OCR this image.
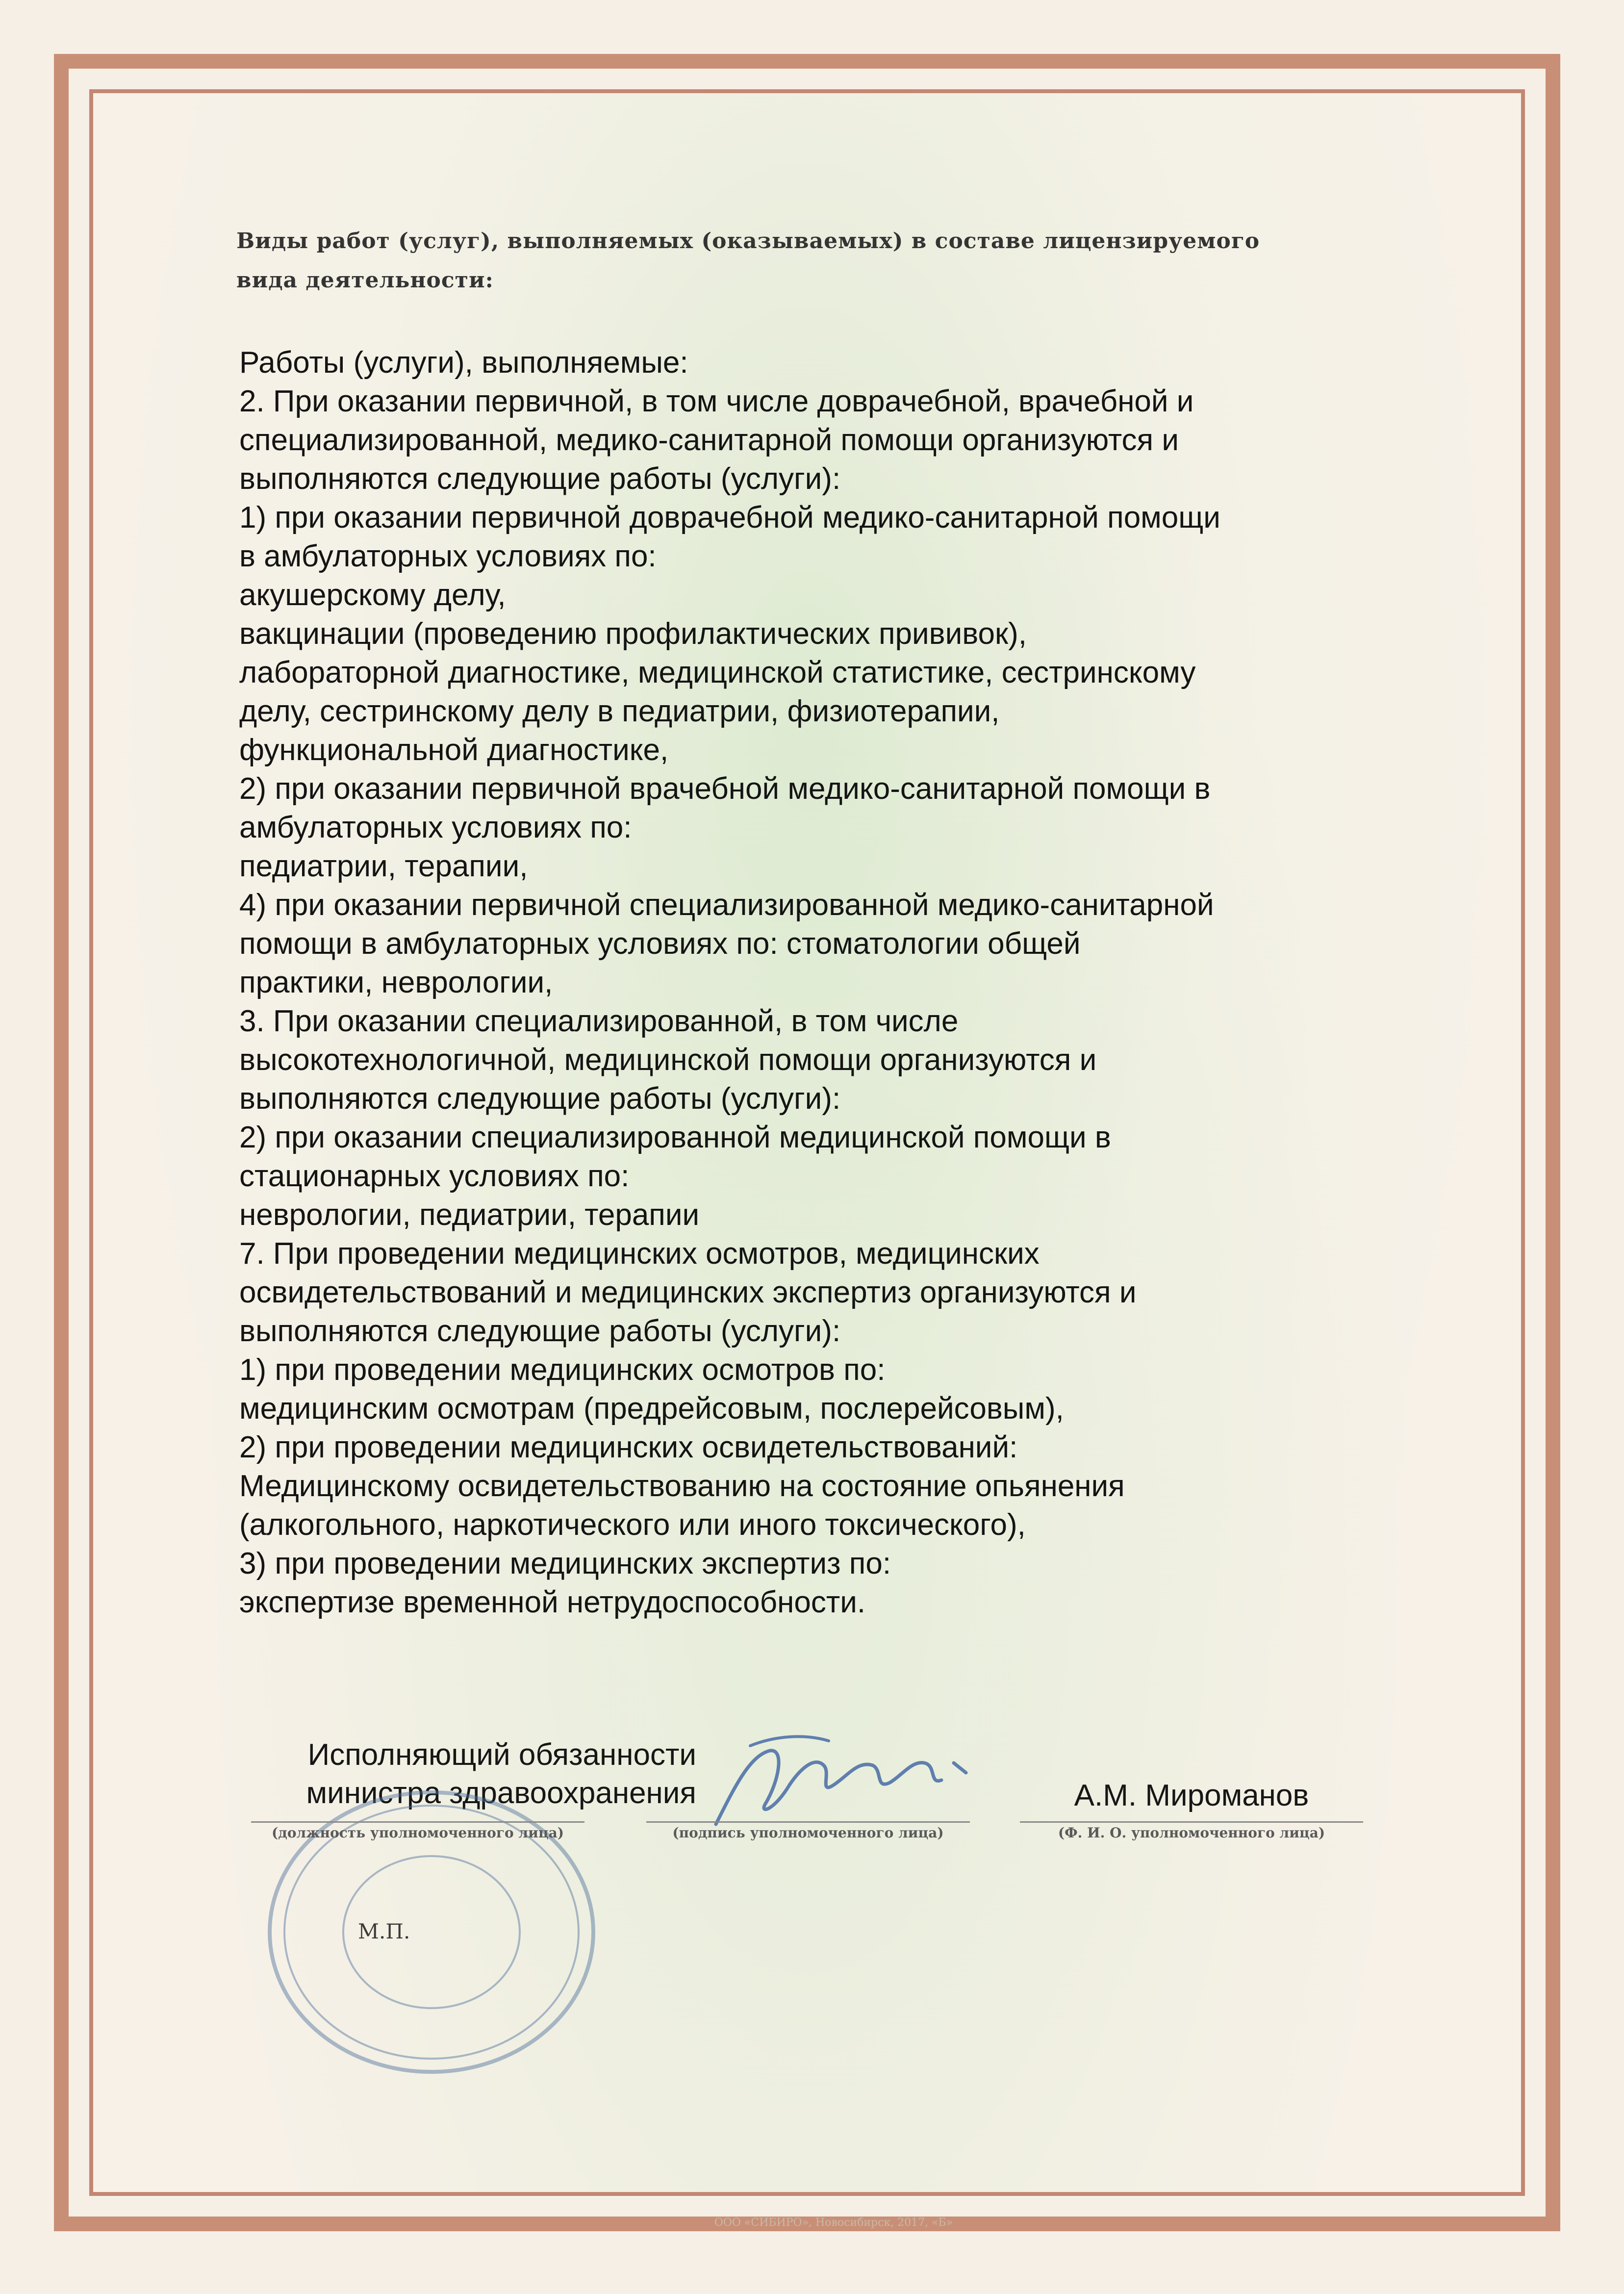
Виды работ (услуг), выполняемых (оказываемых) в составе лицензируемого
вида деятельности:
Работы (услуги), выполняемые:
2. При оказании первичной, в том числе доврачебной, врачебной и
специализированной, медико-санитарной помощи организуются и
выполняются следующие работы (услуги):
1) при оказании первичной доврачебной медико-санитарной помощи
в амбулаторных условиях по:
акушерскому делу,
вакцинации (проведению профилактических прививок),
лабораторной диагностике, медицинской статистике, сестринскому
делу, сестринскому делу в педиатрии, физиотерапии,
функциональной диагностике,
2) при оказании первичной врачебной медико-санитарной помощи в
амбулаторных условиях по:
педиатрии, терапии,
4) при оказании первичной специализированной медико-санитарной
помощи в амбулаторных условиях по: стоматологии общей
практики, неврологии,
3. При оказании специализированной, в том числе
высокотехнологичной, медицинской помощи организуются и
выполняются следующие работы (услуги):
2) при оказании специализированной медицинской помощи в
стационарных условиях по:
неврологии, педиатрии, терапии
7. При проведении медицинских осмотров, медицинских
освидетельствований и медицинских экспертиз организуются и
выполняются следующие работы (услуги):
1) при проведении медицинских осмотров по:
медицинским осмотрам (предрейсовым, послерейсовым),
2) при проведении медицинских освидетельствований:
Медицинскому освидетельствованию на состояние опьянения
(алкогольного, наркотического или иного токсического),
3) при проведении медицинских экспертиз по:
экспертизе временной нетрудоспособности.
Исполняющий обязанности
министра здравоохранения	А.М. Мироманов
(должность уполномоченного лица)	(подпись уполномоченного лица)	(Ф. И. О. уполномоченного лица)
М.П.
ООО «СИБИРО», Новосибирск, 2017, «Б»
